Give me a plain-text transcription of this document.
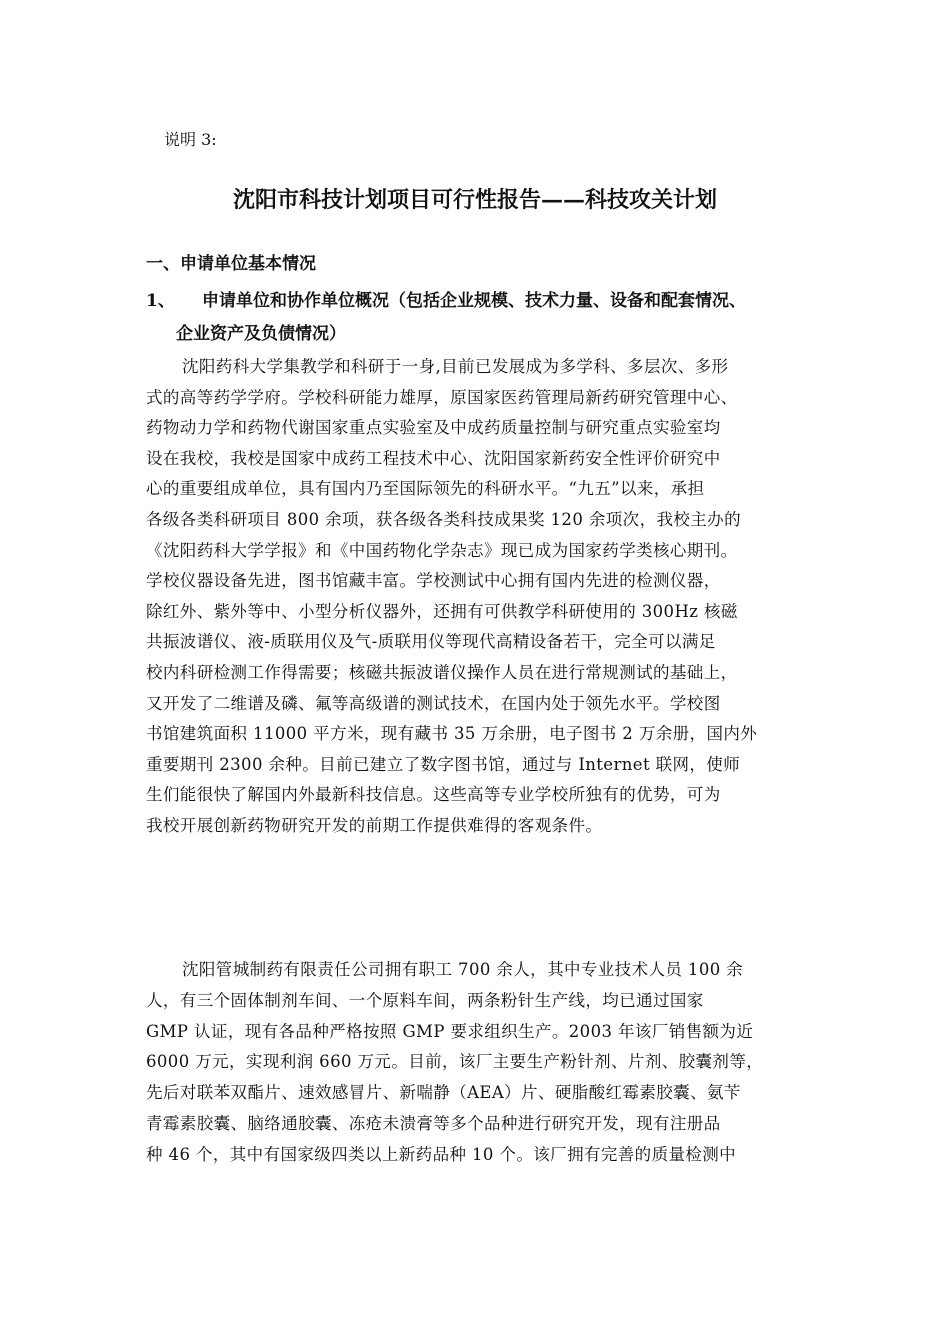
说明 3:
沈阳市科技计划项目可行性报告——科技攻关计划
一、申请单位基本情况
1、 申请单位和协作单位概况（包括企业规模、技术力量、设备和配套情况、
企业资产及负债情况）
沈阳药科大学集教学和科研于一身,目前已发展成为多学科、多层次、多形
式的高等药学学府。学校科研能力雄厚，原国家医药管理局新药研究管理中心、
药物动力学和药物代谢国家重点实验室及中成药质量控制与研究重点实验室均
设在我校，我校是国家中成药工程技术中心、沈阳国家新药安全性评价研究中
心的重要组成单位，具有国内乃至国际领先的科研水平。“九五”以来，承担
各级各类科研项目 800 余项，获各级各类科技成果奖 120 余项次，我校主办的
《沈阳药科大学学报》和《中国药物化学杂志》现已成为国家药学类核心期刊。
学校仪器设备先进，图书馆藏丰富。学校测试中心拥有国内先进的检测仪器，
除红外、紫外等中、小型分析仪器外，还拥有可供教学科研使用的 300Hz 核磁
共振波谱仪、液-质联用仪及气-质联用仪等现代高精设备若干，完全可以满足
校内科研检测工作得需要；核磁共振波谱仪操作人员在进行常规测试的基础上，
又开发了二维谱及磷、氟等高级谱的测试技术，在国内处于领先水平。学校图
书馆建筑面积 11000 平方米，现有藏书 35 万余册，电子图书 2 万余册，国内外
重要期刊 2300 余种。目前已建立了数字图书馆，通过与 Internet 联网，使师
生们能很快了解国内外最新科技信息。这些高等专业学校所独有的优势，可为
我校开展创新药物研究开发的前期工作提供难得的客观条件。
沈阳管城制药有限责任公司拥有职工 700 余人，其中专业技术人员 100 余
人，有三个固体制剂车间、一个原料车间，两条粉针生产线，均已通过国家
GMP 认证，现有各品种严格按照 GMP 要求组织生产。2003 年该厂销售额为近
6000 万元，实现利润 660 万元。目前，该厂主要生产粉针剂、片剂、胶囊剂等，
先后对联苯双酯片、速效感冒片、新喘静（AEA）片、硬脂酸红霉素胶囊、氨苄
青霉素胶囊、脑络通胶囊、冻疮未溃膏等多个品种进行研究开发，现有注册品
种 46 个，其中有国家级四类以上新药品种 10 个。该厂拥有完善的质量检测中
